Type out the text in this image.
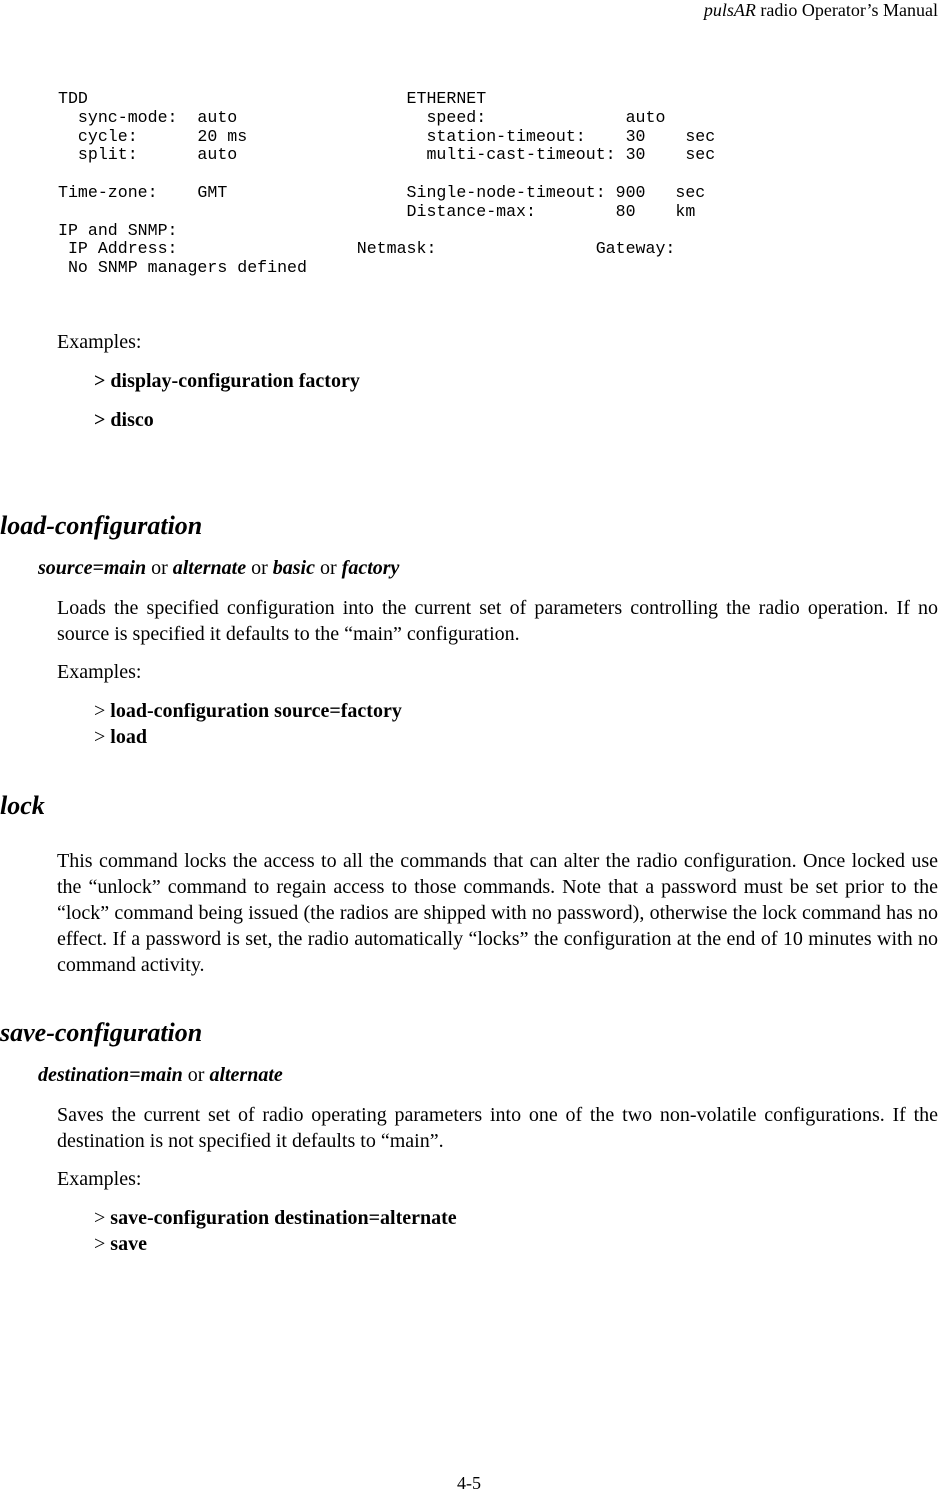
pulsAR radio Operator’s Manual
TDD                                ETHERNET
sync-mode:  auto                   speed:              auto
cycle:      20 ms                  station-timeout:    30    sec
split:      auto                   multi-cast-timeout: 30    sec

Time-zone:    GMT                  Single-node-timeout: 900   sec
Distance-max:        80    km
IP and SNMP:
IP Address:                  Netmask:                Gateway:
No SNMP managers defined
Examples:
> display-configuration factory
> disco
load-configuration
source=main or alternate or basic or factory

Loads the specified configuration into the current set of parameters controlling the radio operation. If no source is specified it defaults to the “main” configuration.

Examples:
> load-configuration source=factory
> load
lock

This command locks the access to all the commands that can alter the radio configuration. Once locked use the “unlock” command to regain access to those commands. Note that a password must be set prior to the “lock” command being issued (the radios are shipped with no password), otherwise the lock command has no effect. If a password is set, the radio automatically “locks” the configuration at the end of 10 minutes with no command activity.

save-configuration
destination=main or alternate

Saves the current set of radio operating parameters into one of the two non-volatile configurations. If the destination is not specified it defaults to “main”.

Examples:
> save-configuration destination=alternate
> save
4-5
